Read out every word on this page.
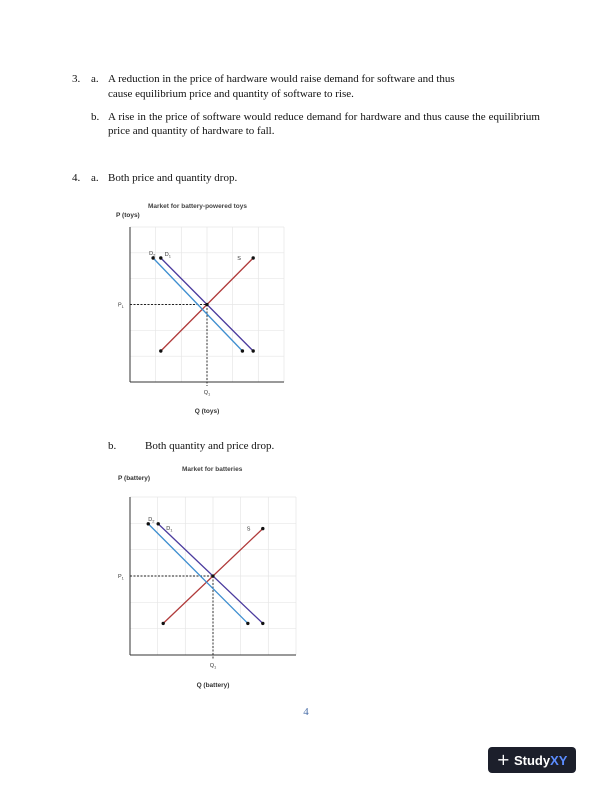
3. a. A reduction in the price of hardware would raise demand for software and thus
cause equilibrium price and quantity of software to rise.
b. A rise in the price of software would reduce demand for hardware and thus cause the equilibrium price and quantity of hardware to fall.
4. a. Both price and quantity drop.
Market for battery-powered toys
P (toys)
Q (toys)
S
$D_1$
$D_2$
$P_1$
$Q_1$
b.	Both quantity and price drop.
Market for batteries
P (battery)
Q (battery)
S
$D_1$
$D_2$
$P_1$
$Q_1$
4
+ Study XY
